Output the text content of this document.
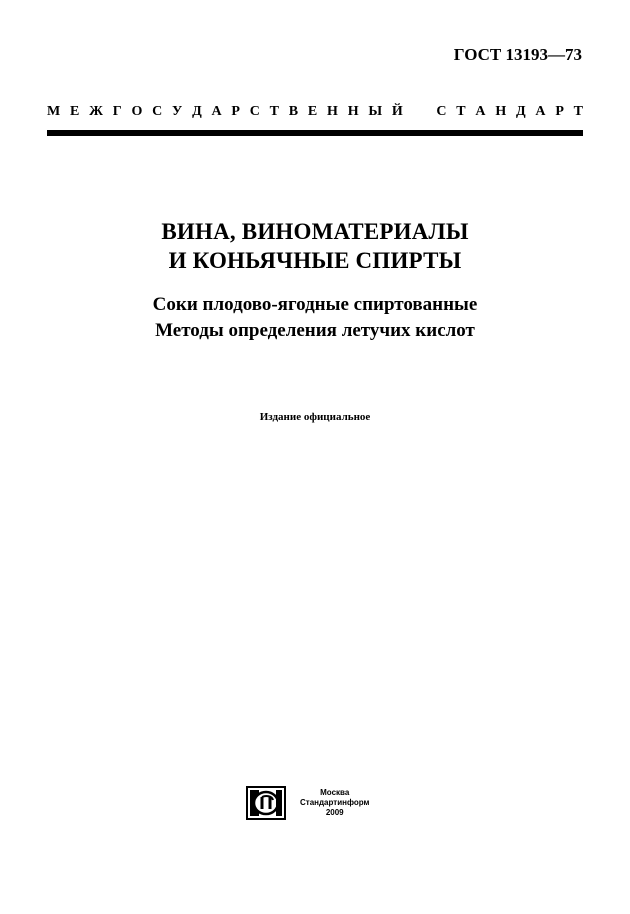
ГОСТ 13193—73
М Е Ж Г О С У Д А Р С Т В Е Н Н Ы Й С Т А Н Д А Р Т
ВИНА, ВИНОМАТЕРИАЛЫ
И КОНЬЯЧНЫЕ СПИРТЫ
Соки плодово-ягодные спиртованные
Методы определения летучих кислот
Издание официальное
Москва
Стандартинформ
2009
